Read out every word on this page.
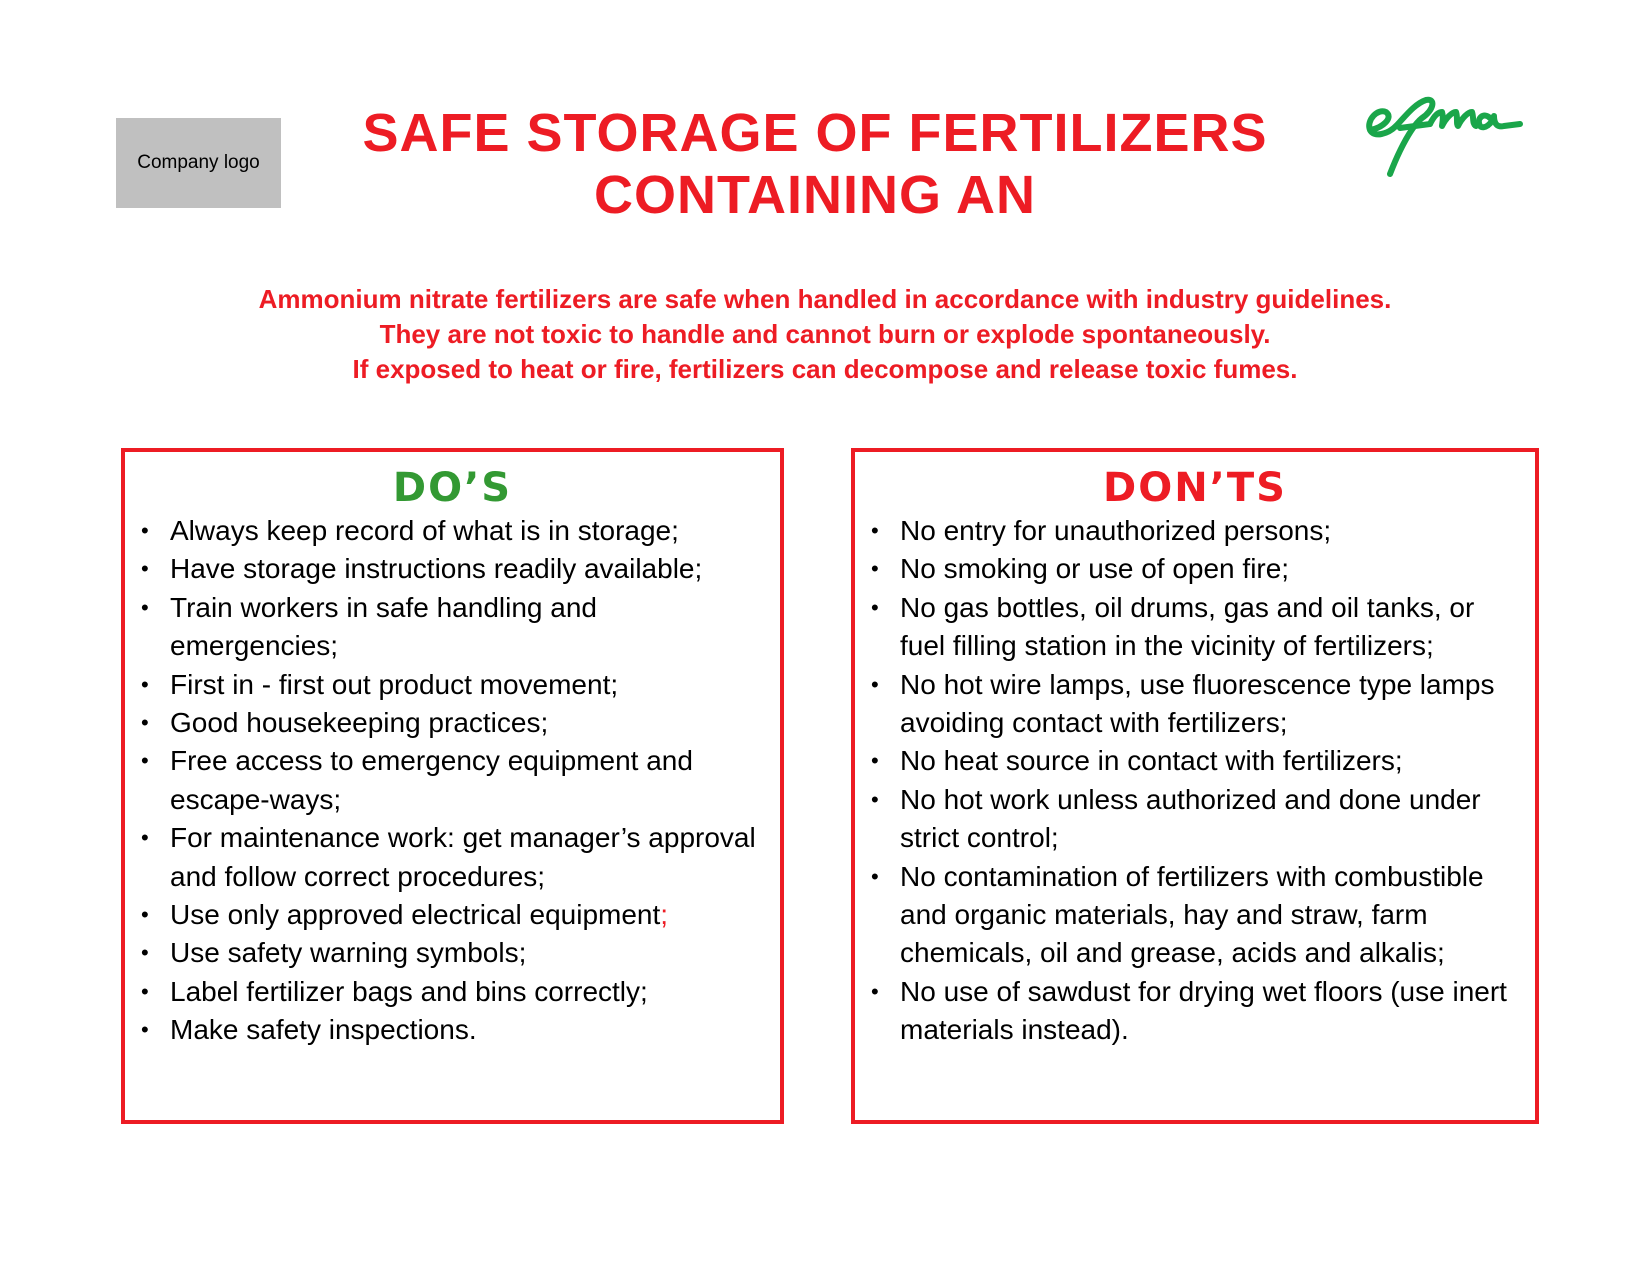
Company logo	SAFE STORAGE OF FERTILIZERS
CONTAINING AN
Ammonium nitrate fertilizers are safe when handled in accordance with industry guidelines.
They are not toxic to handle and cannot burn or explode spontaneously.
If exposed to heat or fire, fertilizers can decompose and release toxic fumes.
DO’S
• Always keep record of what is in storage;
• Have storage instructions readily available;
• Train workers in safe handling and emergencies;
• First in - first out product movement;
• Good housekeeping practices;
• Free access to emergency equipment and escape-ways;
• For maintenance work: get manager’s approval and follow correct procedures;
• Use only approved electrical equipment;
• Use safety warning symbols;
• Label fertilizer bags and bins correctly;
• Make safety inspections.
DON’TS
• No entry for unauthorized persons;
• No smoking or use of open fire;
• No gas bottles, oil drums, gas and oil tanks, or fuel filling station in the vicinity of fertilizers;
• No hot wire lamps, use fluorescence type lamps avoiding contact with fertilizers;
• No heat source in contact with fertilizers;
• No hot work unless authorized and done under strict control;
• No contamination of fertilizers with combustible and organic materials, hay and straw, farm chemicals, oil and grease, acids and alkalis;
• No use of sawdust for drying wet floors (use inert materials instead).
